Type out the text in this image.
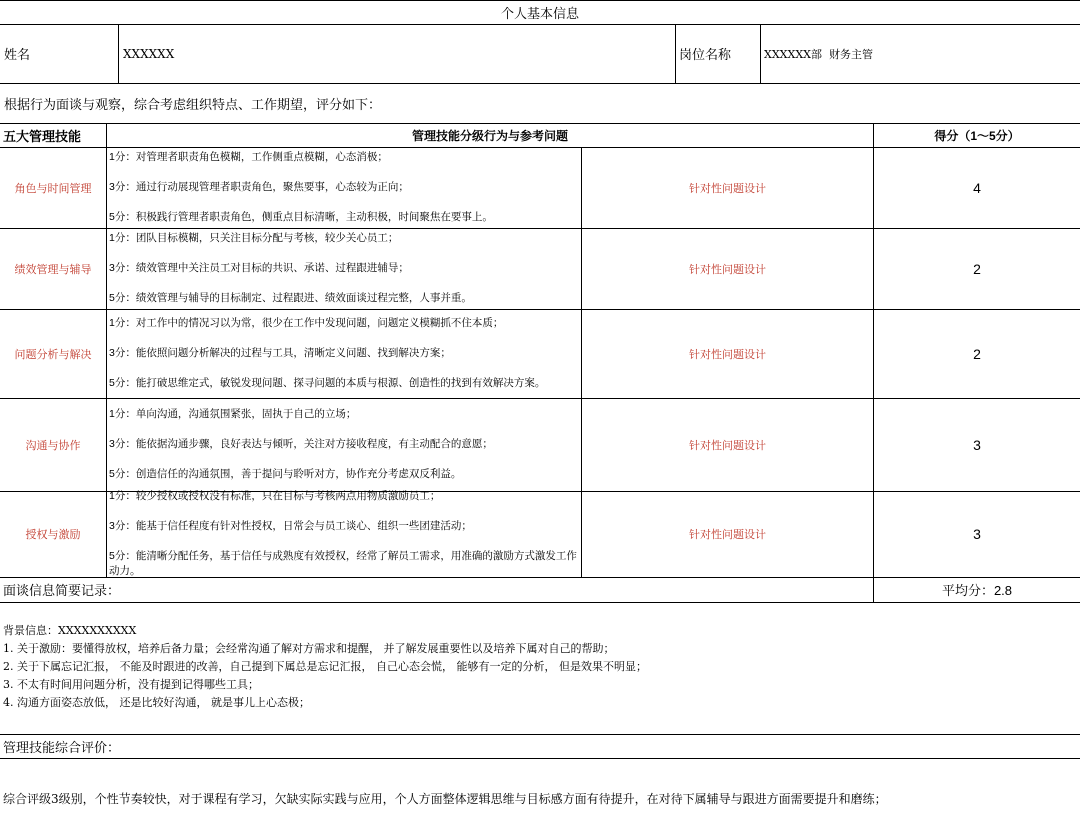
个人基本信息
姓名	XXXXXX	岗位名称	XXXXXX部  财务主管
根据行为面谈与观察，综合考虑组织特点、工作期望，评分如下：
五大管理技能	管理技能分级行为与参考问题	得分（1～5分）
角色与时间管理

1分：对管理者职责角色模糊，工作侧重点模糊，心态消极；

3分：通过行动展现管理者职责角色，聚焦要事，心态较为正向；

5分：积极践行管理者职责角色，侧重点目标清晰，主动积极，时间聚焦在要事上。

针对性问题设计	4
绩效管理与辅导

1分：团队目标模糊，只关注目标分配与考核，较少关心员工；

3分：绩效管理中关注员工对目标的共识、承诺、过程跟进辅导；

5分：绩效管理与辅导的目标制定、过程跟进、绩效面谈过程完整，人事并重。

针对性问题设计	2
问题分析与解决

1分：对工作中的情况习以为常，很少在工作中发现问题，问题定义模糊抓不住本质；

3分：能依照问题分析解决的过程与工具，清晰定义问题、找到解决方案；

5分：能打破思维定式，敏锐发现问题、探寻问题的本质与根源、创造性的找到有效解决方案。

针对性问题设计	2
沟通与协作

1分：单向沟通，沟通氛围紧张，固执于自己的立场；

3分：能依据沟通步骤，良好表达与倾听，关注对方接收程度，有主动配合的意愿；

5分：创造信任的沟通氛围，善于提问与聆听对方，协作充分考虑双反利益。

针对性问题设计	3
授权与激励

1分：较少授权或授权没有标准，只在目标与考核两点用物质激励员工；

3分：能基于信任程度有针对性授权，日常会与员工谈心、组织一些团建活动；

5分：能清晰分配任务，基于信任与成熟度有效授权，经常了解员工需求，用准确的激励方式激发工作动力。

针对性问题设计	3
面谈信息简要记录：	平均分：2.8
背景信息：XXXXXXXXXX
1. 关于激励：要懂得放权，培养后备力量；会经常沟通了解对方需求和提醒， 并了解发展重要性以及培养下属对自己的帮助；
2. 关于下属忘记汇报， 不能及时跟进的改善，自己提到下属总是忘记汇报， 自己心态会慌， 能够有一定的分析， 但是效果不明显；
3. 不太有时间用问题分析，没有提到记得哪些工具；
4. 沟通方面姿态放低， 还是比较好沟通， 就是事儿上心态极；
管理技能综合评价：
综合评级3级别，个性节奏较快，对于课程有学习，欠缺实际实践与应用，个人方面整体逻辑思维与目标感方面有待提升，在对待下属辅导与跟进方面需要提升和磨练；
